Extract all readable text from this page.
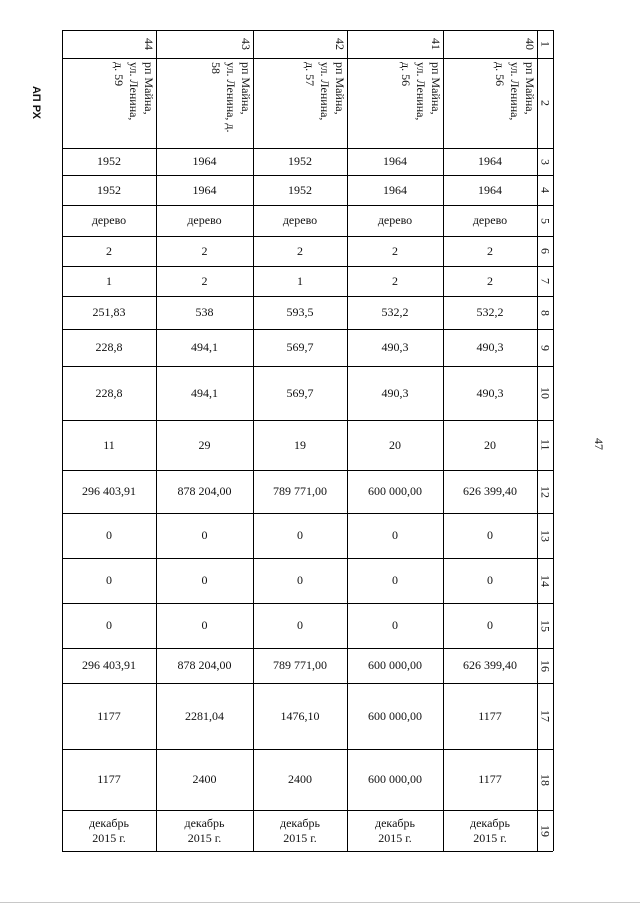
АП РХ
47
1
2
3
4
5
6
7
8
9
10
11
12
13
14
15
16
17
18
19
44
рп Майна,
ул. Ленина,
д. 59
1952
1952
дерево
2
1
251,83
228,8
228,8
11
296 403,91
0
0
0
296 403,91
1177
1177
декабрь
2015 г.
43
рп Майна,
ул. Ленина, д.
58
1964
1964
дерево
2
2
538
494,1
494,1
29
878 204,00
0
0
0
878 204,00
2281,04
2400
декабрь
2015 г.
42
рп Майна,
ул. Ленина,
д. 57
1952
1952
дерево
2
1
593,5
569,7
569,7
19
789 771,00
0
0
0
789 771,00
1476,10
2400
декабрь
2015 г.
41
рп Майна,
ул. Ленина,
д. 56
1964
1964
дерево
2
2
532,2
490,3
490,3
20
600 000,00
0
0
0
600 000,00
600 000,00
600 000,00
декабрь
2015 г.
40
рп Майна,
ул. Ленина,
д. 56
1964
1964
дерево
2
2
532,2
490,3
490,3
20
626 399,40
0
0
0
626 399,40
1177
1177
декабрь
2015 г.
